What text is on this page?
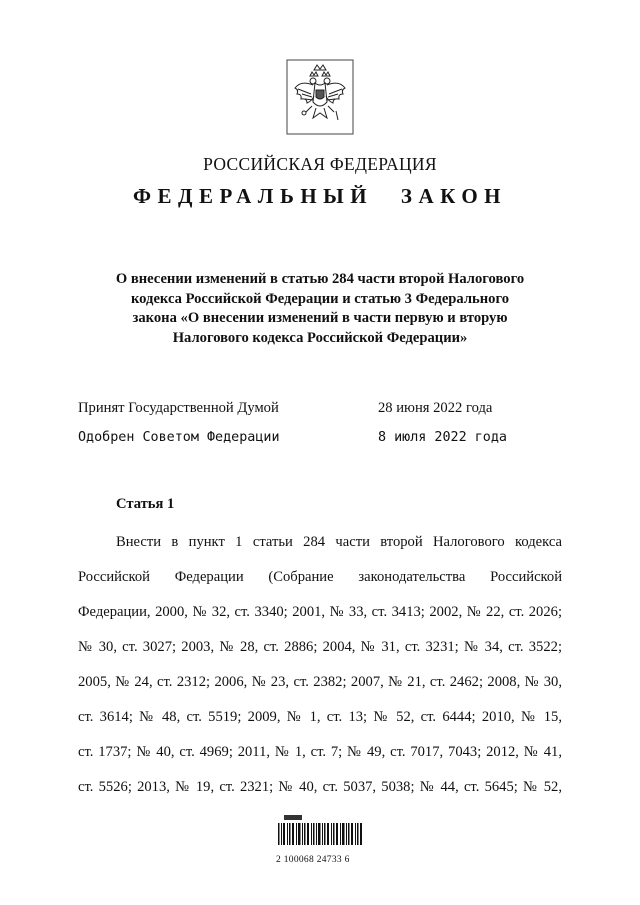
РОССИЙСКАЯ ФЕДЕРАЦИЯ
ФЕДЕРАЛЬНЫЙ ЗАКОН
О внесении изменений в статью 284 части второй Налогового
кодекса Российской Федерации и статью 3 Федерального
закона «О внесении изменений в части первую и вторую
Налогового кодекса Российской Федерации»
Принят Государственной Думой	28 июня 2022 года
Одобрен Советом Федерации	8 июля 2022 года
Статья 1
Внести в пункт 1 статьи 284 части второй Налогового кодекса
Российской Федерации (Собрание законодательства Российской
Федерации, 2000, № 32, ст. 3340; 2001, № 33, ст. 3413; 2002, № 22, ст. 2026;
№ 30, ст. 3027; 2003, № 28, ст. 2886; 2004, № 31, ст. 3231; № 34, ст. 3522;
2005, № 24, ст. 2312; 2006, № 23, ст. 2382; 2007, № 21, ст. 2462; 2008, № 30,
ст. 3614; № 48, ст. 5519; 2009, № 1, ст. 13; № 52, ст. 6444; 2010, № 15,
ст. 1737; № 40, ст. 4969; 2011, № 1, ст. 7; № 49, ст. 7017, 7043; 2012, № 41,
ст. 5526; 2013, № 19, ст. 2321; № 40, ст. 5037, 5038; № 44, ст. 5645; № 52,
2 100068 24733 6
